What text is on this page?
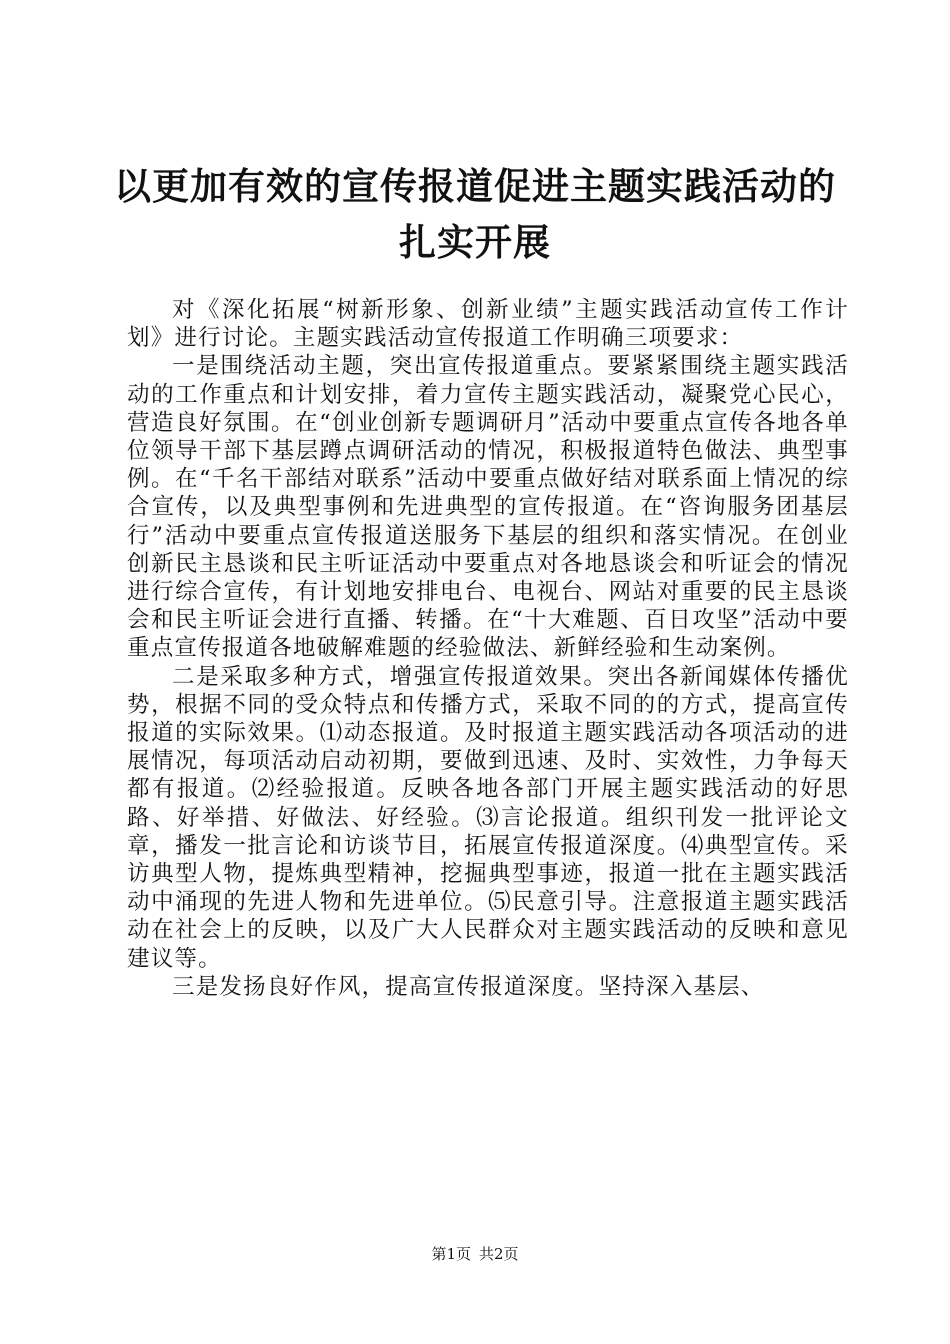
以更加有效的宣传报道促进主题实践活动的扎实开展

对《深化拓展“树新形象、创新业绩”主题实践活动宣传工作计划》进行讨论。主题实践活动宣传报道工作明确三项要求：

一是围绕活动主题，突出宣传报道重点。要紧紧围绕主题实践活动的工作重点和计划安排，着力宣传主题实践活动，凝聚党心民心，营造良好氛围。在“创业创新专题调研月”活动中要重点宣传各地各单位领导干部下基层蹲点调研活动的情况，积极报道特色做法、典型事例。在“千名干部结对联系”活动中要重点做好结对联系面上情况的综合宣传，以及典型事例和先进典型的宣传报道。在“咨询服务团基层行”活动中要重点宣传报道送服务下基层的组织和落实情况。在创业创新民主恳谈和民主听证活动中要重点对各地恳谈会和听证会的情况进行综合宣传，有计划地安排电台、电视台、网站对重要的民主恳谈会和民主听证会进行直播、转播。在“十大难题、百日攻坚”活动中要重点宣传报道各地破解难题的经验做法、新鲜经验和生动案例。

二是采取多种方式，增强宣传报道效果。突出各新闻媒体传播优势，根据不同的受众特点和传播方式，采取不同的的方式，提高宣传报道的实际效果。⑴动态报道。及时报道主题实践活动各项活动的进展情况，每项活动启动初期，要做到迅速、及时、实效性，力争每天都有报道。⑵经验报道。反映各地各部门开展主题实践活动的好思路、好举措、好做法、好经验。⑶言论报道。组织刊发一批评论文章，播发一批言论和访谈节目，拓展宣传报道深度。⑷典型宣传。采访典型人物，提炼典型精神，挖掘典型事迹，报道一批在主题实践活动中涌现的先进人物和先进单位。⑸民意引导。注意报道主题实践活动在社会上的反映，以及广大人民群众对主题实践活动的反映和意见建议等。

三是发扬良好作风，提高宣传报道深度。坚持深入基层、

第1页 共2页
